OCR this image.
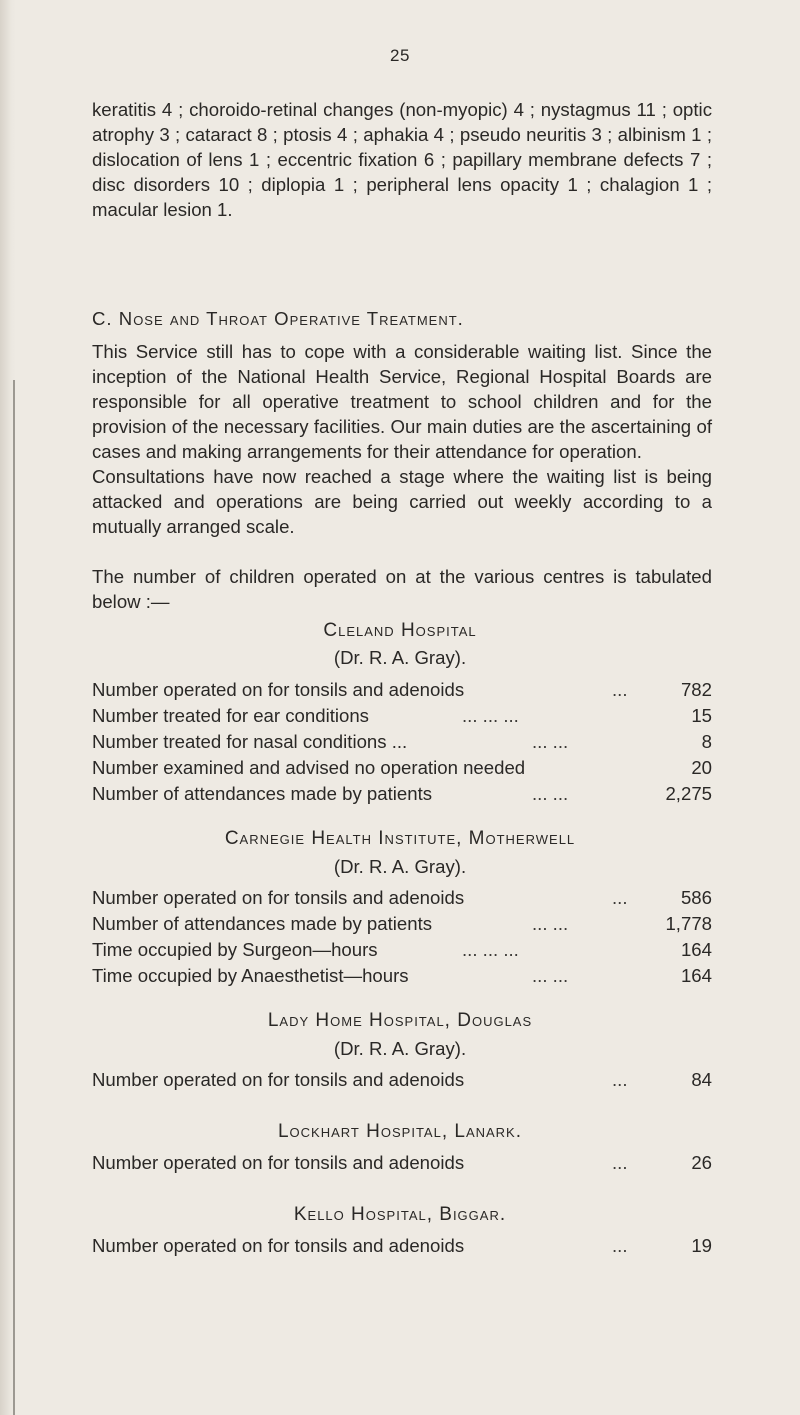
25
keratitis 4 ; choroido-retinal changes (non-myopic) 4 ; nystagmus 11 ; optic atrophy 3 ; cataract 8 ; ptosis 4 ; aphakia 4 ; pseudo neuritis 3 ; albinism 1 ; dislocation of lens 1 ; eccentric fixation 6 ; papillary membrane defects 7 ; disc disorders 10 ; diplopia 1 ; peripheral lens opacity 1 ; chalagion 1 ; macular lesion 1.
C. Nose and Throat Operative Treatment.
This Service still has to cope with a considerable waiting list. Since the inception of the National Health Service, Regional Hospital Boards are responsible for all operative treatment to school children and for the provision of the necessary facilities. Our main duties are the ascertaining of cases and making arrangements for their attendance for operation.
Consultations have now reached a stage where the waiting list is being attacked and operations are being carried out weekly according to a mutually arranged scale.
The number of children operated on at the various centres is tabulated below :—
Cleland Hospital
(Dr. R. A. Gray).
Number operated on for tonsils and adenoids	...	782
Number treated for ear conditions	... ... ...	15
Number treated for nasal conditions ...	... ...	8
Number examined and advised no operation needed	20
Number of attendances made by patients	... ...	2,275
Carnegie Health Institute, Motherwell
(Dr. R. A. Gray).
Number operated on for tonsils and adenoids	...	586
Number of attendances made by patients	... ...	1,778
Time occupied by Surgeon—hours	... ... ...	164
Time occupied by Anaesthetist—hours	... ...	164
Lady Home Hospital, Douglas
(Dr. R. A. Gray).
Number operated on for tonsils and adenoids	...	84
Lockhart Hospital, Lanark.
Number operated on for tonsils and adenoids	...	26
Kello Hospital, Biggar.
Number operated on for tonsils and adenoids	...	19
